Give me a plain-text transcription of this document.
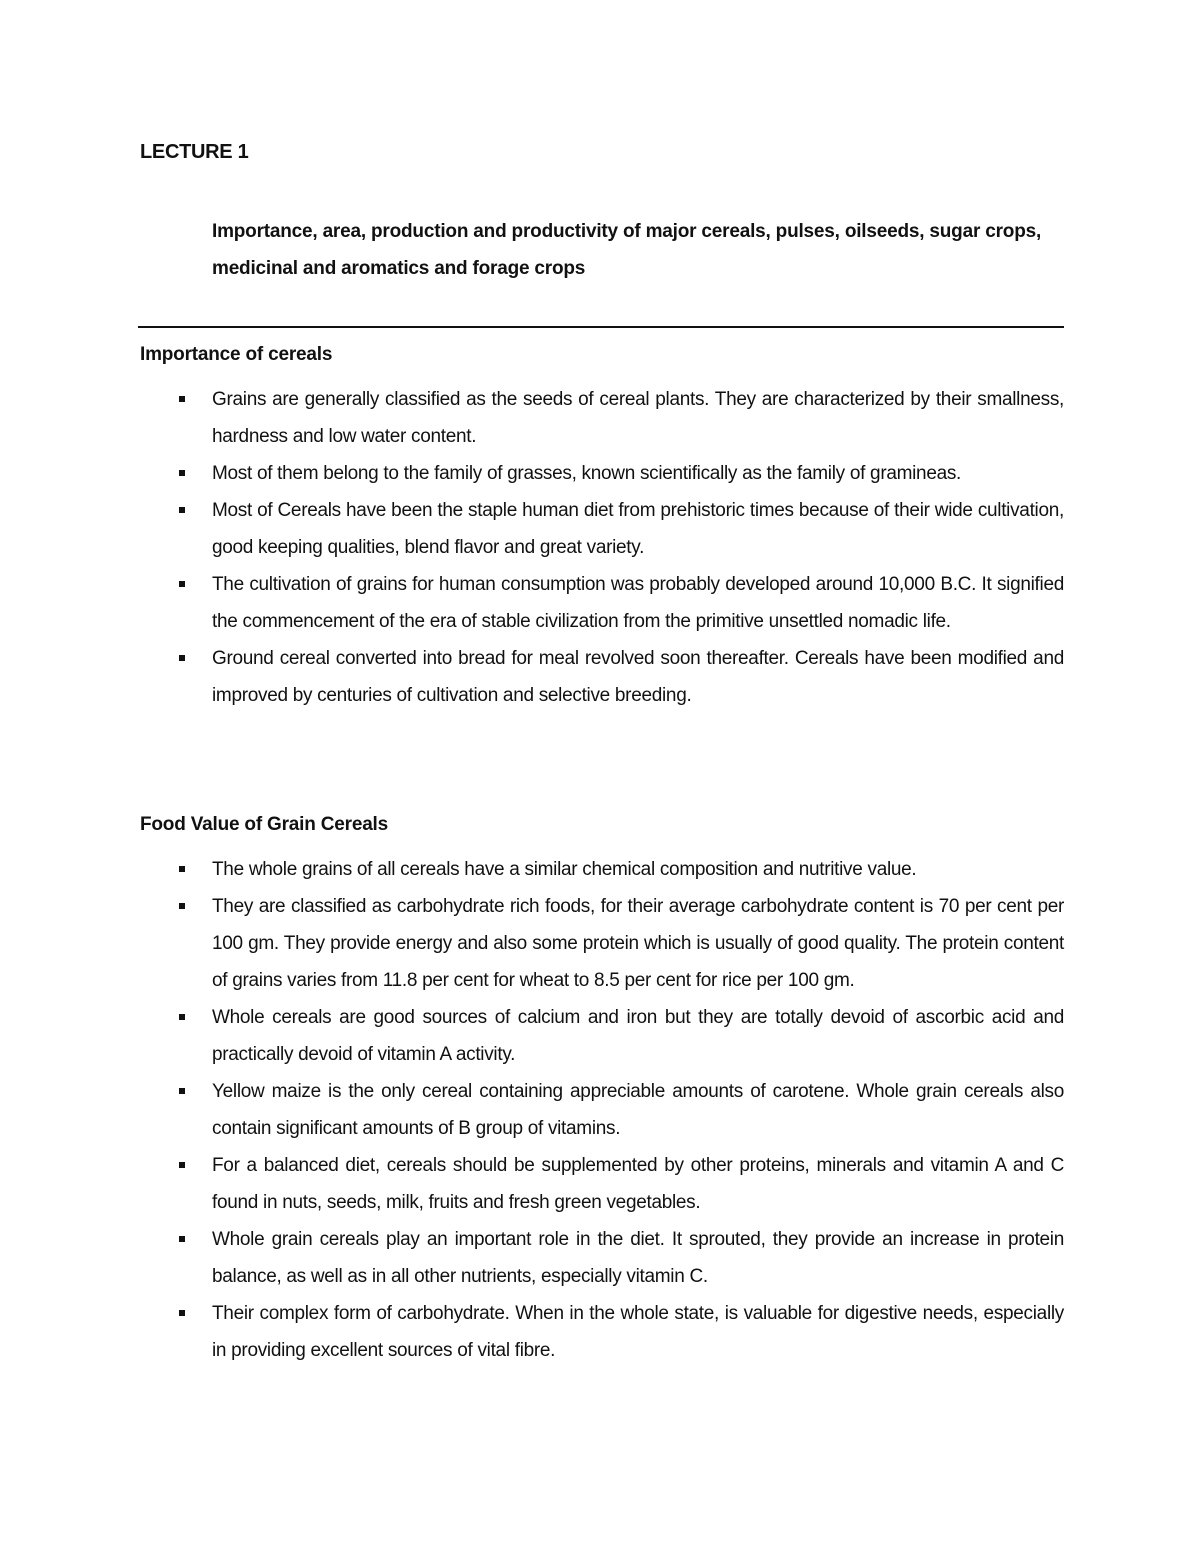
LECTURE 1
Importance, area, production and productivity of major cereals, pulses, oilseeds, sugar crops, medicinal and aromatics and forage crops
Importance of cereals
Grains are generally classified as the seeds of cereal plants. They are characterized by their smallness, hardness and low water content.
Most of them belong to the family of grasses, known scientifically as the family of gramineas.
Most of Cereals have been the staple human diet from prehistoric times because of their wide cultivation, good keeping qualities, blend flavor and great variety.
The cultivation of grains for human consumption was probably developed around 10,000 B.C. It signified the commencement of the era of stable civilization from the primitive unsettled nomadic life.
Ground cereal converted into bread for meal revolved soon thereafter. Cereals have been modified and improved by centuries of cultivation and selective breeding.
Food Value of Grain Cereals
The whole grains of all cereals have a similar chemical composition and nutritive value.
They are classified as carbohydrate rich foods, for their average carbohydrate content is 70 per cent per 100 gm. They provide energy and also some protein which is usually of good quality. The protein content of grains varies from 11.8 per cent for wheat to 8.5 per cent for rice per 100 gm.
Whole cereals are good sources of calcium and iron but they are totally devoid of ascorbic acid and practically devoid of vitamin A activity.
Yellow maize is the only cereal containing appreciable amounts of carotene. Whole grain cereals also contain significant amounts of B group of vitamins.
For a balanced diet, cereals should be supplemented by other proteins, minerals and vitamin A and C found in nuts, seeds, milk, fruits and fresh green vegetables.
Whole grain cereals play an important role in the diet. It sprouted, they provide an increase in protein balance, as well as in all other nutrients, especially vitamin C.
Their complex form of carbohydrate. When in the whole state, is valuable for digestive needs, especially in providing excellent sources of vital fibre.
